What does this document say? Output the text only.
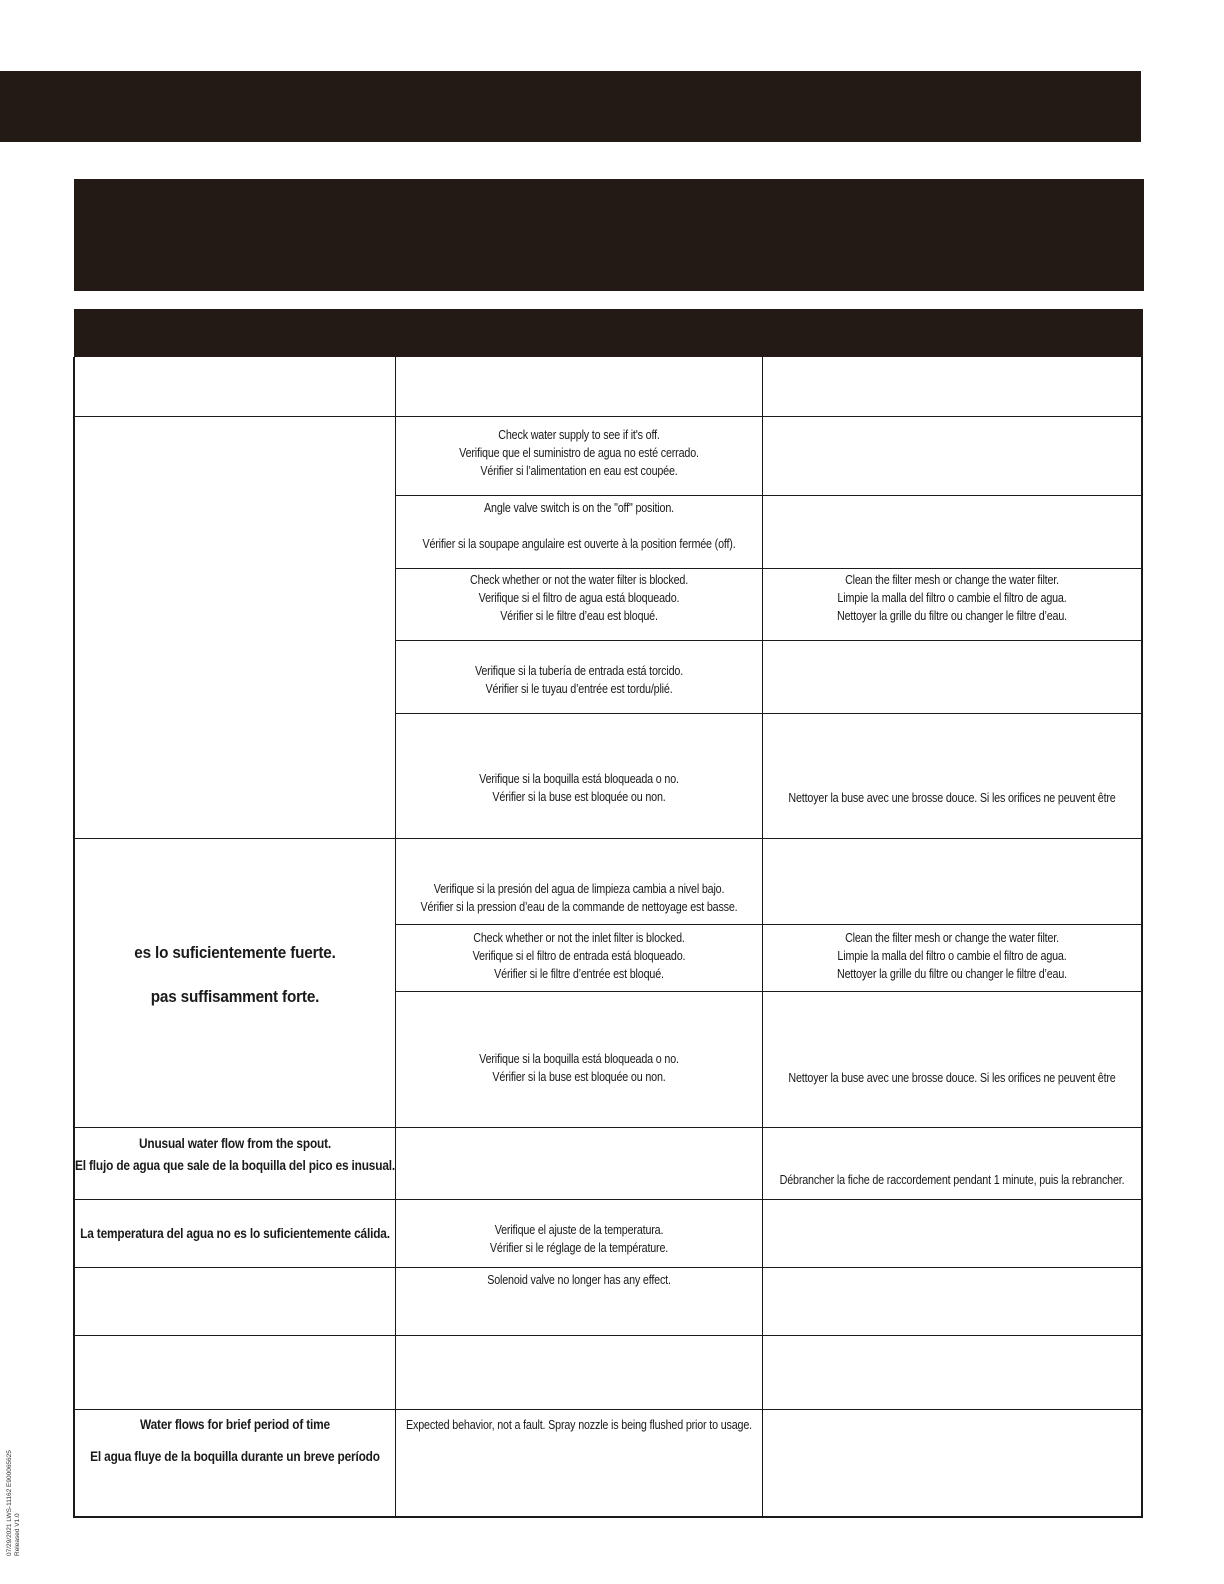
Check water supply to see if it's off.
Verifique que el suministro de agua no esté cerrado.
Vérifier si l’alimentation en eau est coupée.
Angle valve switch is on the "off" position.
Vérifier si la soupape angulaire est ouverte à la position fermée (off).
Check whether or not the water filter is blocked.
Verifique si el filtro de agua está bloqueado.
Vérifier si le filtre d’eau est bloqué.
Verifique si la tubería de entrada está torcido.
Vérifier si le tuyau d’entrée est tordu/plié.
Verifique si la boquilla está bloqueada o no.
Vérifier si la buse est bloquée ou non.
Clean the filter mesh or change the water filter.
Limpie la malla del filtro o cambie el filtro de agua.
Nettoyer la grille du filtre ou changer le filtre d’eau.
Nettoyer la buse avec une brosse douce. Si les orifices ne peuvent être
es lo suficientemente fuerte.
pas suffisamment forte.
Verifique si la presión del agua de limpieza cambia a nivel bajo.
Vérifier si la pression d’eau de la commande de nettoyage est basse.
Check whether or not the inlet filter is blocked.
Verifique si el filtro de entrada está bloqueado.
Vérifier si le filtre d’entrée est bloqué.
Verifique si la boquilla está bloqueada o no.
Vérifier si la buse est bloquée ou non.
Clean the filter mesh or change the water filter.
Limpie la malla del filtro o cambie el filtro de agua.
Nettoyer la grille du filtre ou changer le filtre d’eau.
Nettoyer la buse avec une brosse douce. Si les orifices ne peuvent être
Unusual water flow from the spout.
El flujo de agua que sale de la boquilla del pico es inusual.
Débrancher la fiche de raccordement pendant 1 minute, puis la rebrancher.
La temperatura del agua no es lo suficientemente cálida.	Verifique el ajuste de la temperatura.
Vérifier si le réglage de la température.
Solenoid valve no longer has any effect.
Water flows for brief period of time
El agua fluye de la boquilla durante un breve período
Expected behavior, not a fault. Spray nozzle is being flushed prior to usage.
07/29/2021 LWS-11162 E900065625 Released V1.0
